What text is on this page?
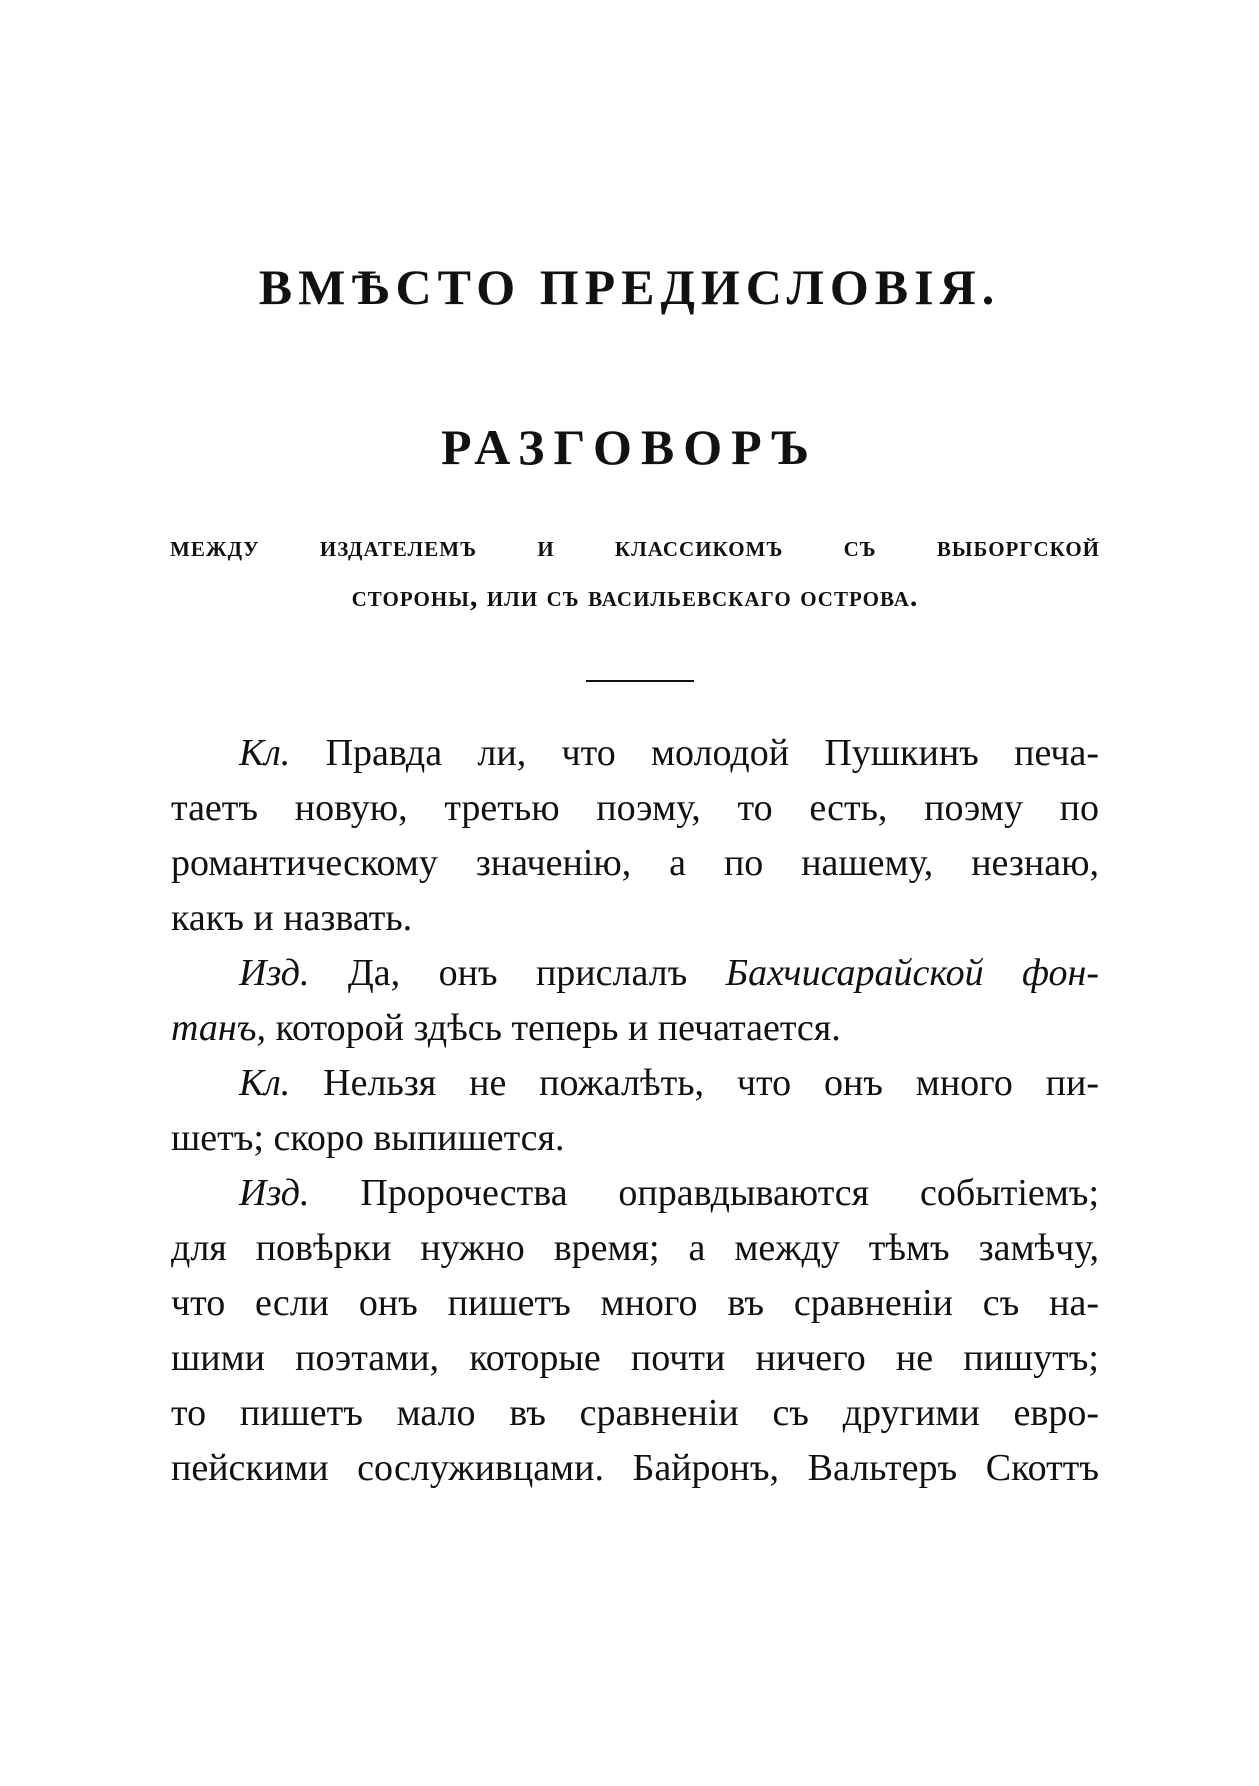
ВМѢСТО ПРЕДИСЛОВІЯ.
РАЗГОВОРЪ
между издателемъ и классикомъ съ выборгской
стороны, или съ васильевскаго острова.
Кл. Правда ли, что молодой Пушкинъ печа-
таетъ новую, третью поэму, то есть, поэму по
романтическому значенію, а по нашему, незнаю,
какъ и назвать.
Изд. Да, онъ прислалъ Бахчисарайской фон-
танъ, которой здѣсь теперь и печатается.
Кл. Нельзя не пожалѣть, что онъ много пи-
шетъ; скоро выпишется.
Изд. Пророчества оправдываются событіемъ;
для повѣрки нужно время; а между тѣмъ замѣчу,
что если онъ пишетъ много въ сравненіи съ на-
шими поэтами, которые почти ничего не пишутъ;
то пишетъ мало въ сравненіи съ другими евро-
пейскими сослуживцами. Байронъ, Вальтеръ Скоттъ
